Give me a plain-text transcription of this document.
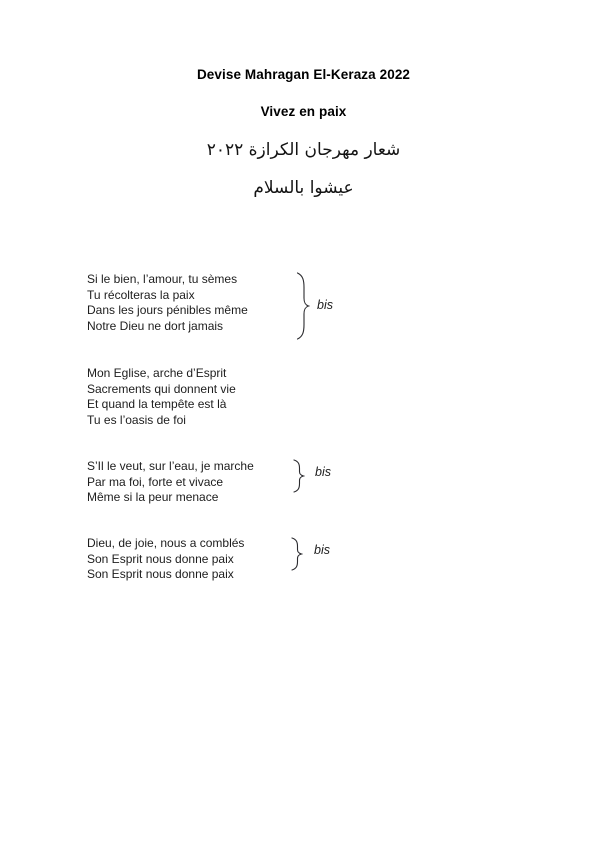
Devise Mahragan El-Keraza 2022
Vivez en paix
شعار مهرجان الكرازة ٢٠٢٢
عيشوا بالسلام
Si le bien, l’amour, tu sèmes
Tu récolteras la paix
Dans les jours pénibles même
Notre Dieu ne dort jamais
bis
Mon Eglise, arche d’Esprit
Sacrements qui donnent vie
Et quand la tempête est là
Tu es l’oasis de foi
S’Il le veut, sur l’eau, je marche
Par ma foi, forte et vivace
Même si la peur menace
bis
Dieu, de joie, nous a comblés
Son Esprit nous donne paix
Son Esprit nous donne paix
bis
